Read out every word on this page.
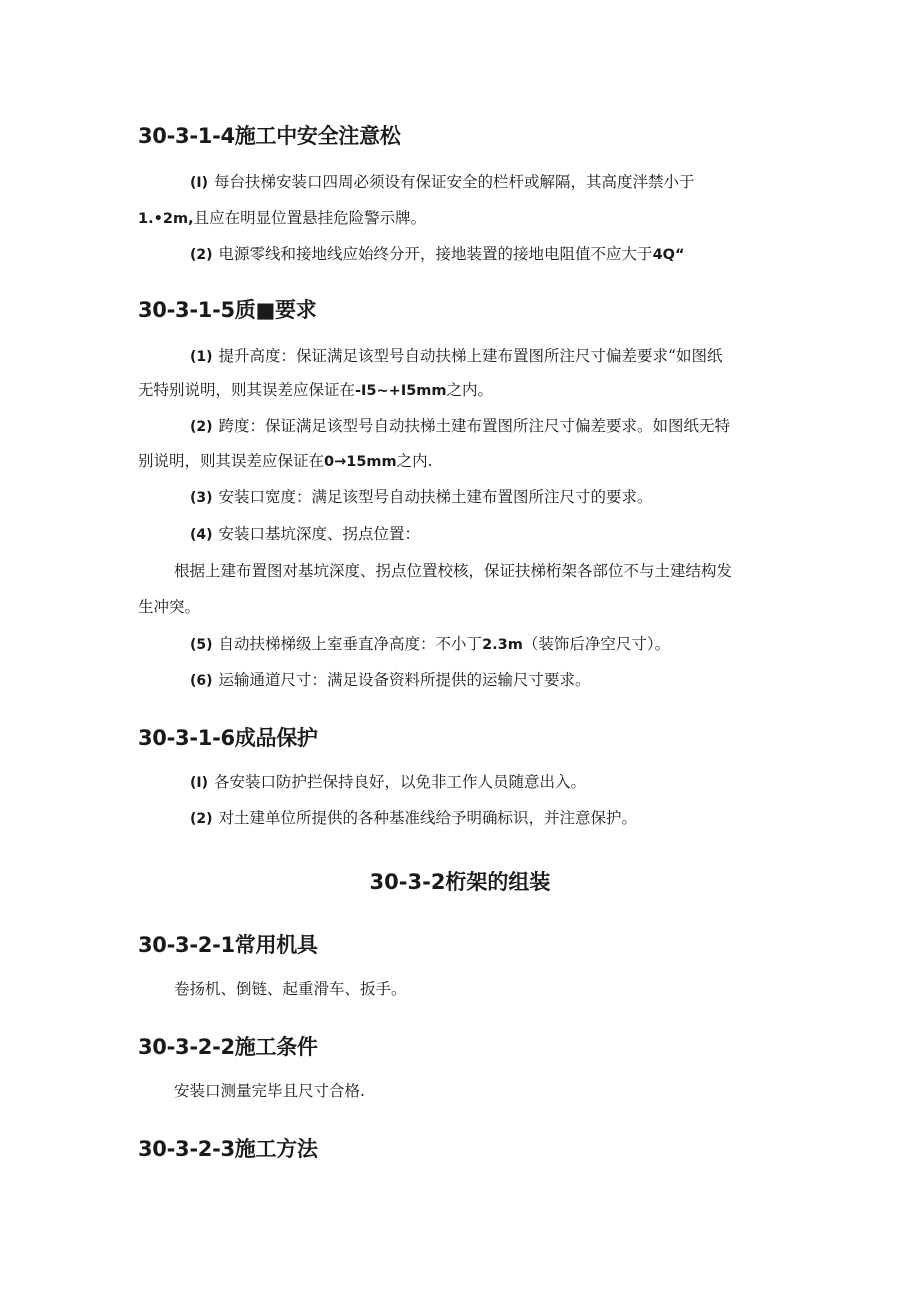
30-3-1-4施工中安全注意松
(I) 每台扶梯安装口四周必须设有保证安全的栏杆或解隔，其高度泮禁小于
1.•2m,且应在明显位置悬挂危险警示牌。
(2) 电源零线和接地线应始终分开，接地装置的接地电阻值不应大于4Q“
30-3-1-5质■要求
(1) 提升高度：保证满足该型号自动扶梯上建布置图所注尺寸偏差要求“如图纸
无特别说明，则其误差应保证在-I5~+I5mm之内。
(2) 跨度：保证满足该型号自动扶梯土建布置图所注尺寸偏差要求。如图纸无特
别说明，则其误差应保证在0→15mm之内.
(3) 安装口宽度：满足该型号自动扶梯土建布置图所注尺寸的要求。
(4) 安装口基坑深度、拐点位置：
根据上建布置图对基坑深度、拐点位置校核，保证扶梯桁架各部位不与土建结构发
生冲突。
(5) 自动扶梯梯级上室垂直净高度：不小丁2.3m（装饰后净空尺寸）。
(6) 运输通道尺寸：满足设备资料所提供的运输尺寸要求。
30-3-1-6成品保护
(I) 各安装口防护拦保持良好，以免非工作人员随意出入。
(2) 对土建单位所提供的各种基准线给予明确标识，并注意保护。
30-3-2桁架的组装
30-3-2-1常用机具
卷扬机、倒链、起重滑车、扳手。
30-3-2-2施工条件
安装口测量完毕且尺寸合格.
30-3-2-3施工方法
